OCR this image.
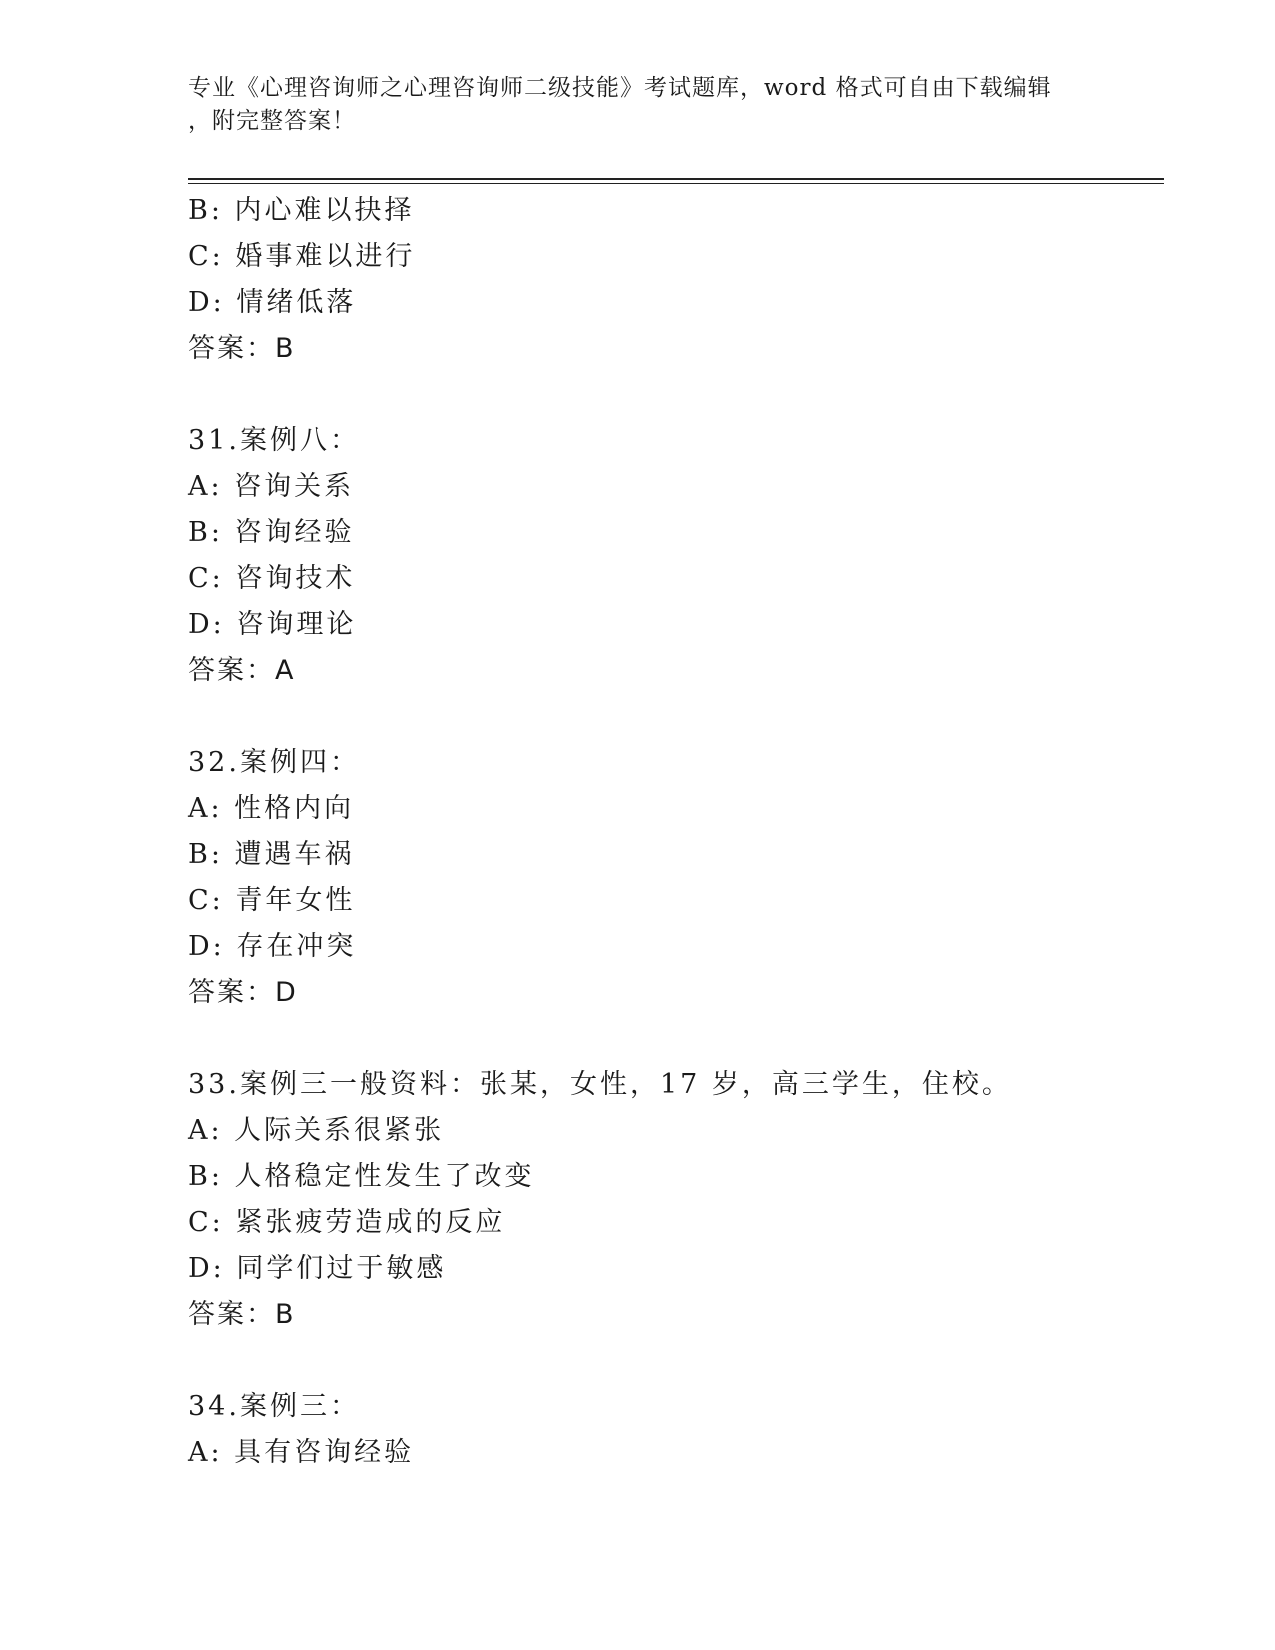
专业《心理咨询师之心理咨询师二级技能》考试题库，word 格式可自由下载编辑
，附完整答案！
B: 内心难以抉择
C: 婚事难以进行
D: 情绪低落
答案：B
31.案例八：
A: 咨询关系
B: 咨询经验
C: 咨询技术
D: 咨询理论
答案：A
32.案例四：
A: 性格内向
B: 遭遇车祸
C: 青年女性
D: 存在冲突
答案：D
33.案例三一般资料：张某，女性，17 岁，高三学生，住校。
A: 人际关系很紧张
B: 人格稳定性发生了改变
C: 紧张疲劳造成的反应
D: 同学们过于敏感
答案：B
34.案例三：
A: 具有咨询经验
